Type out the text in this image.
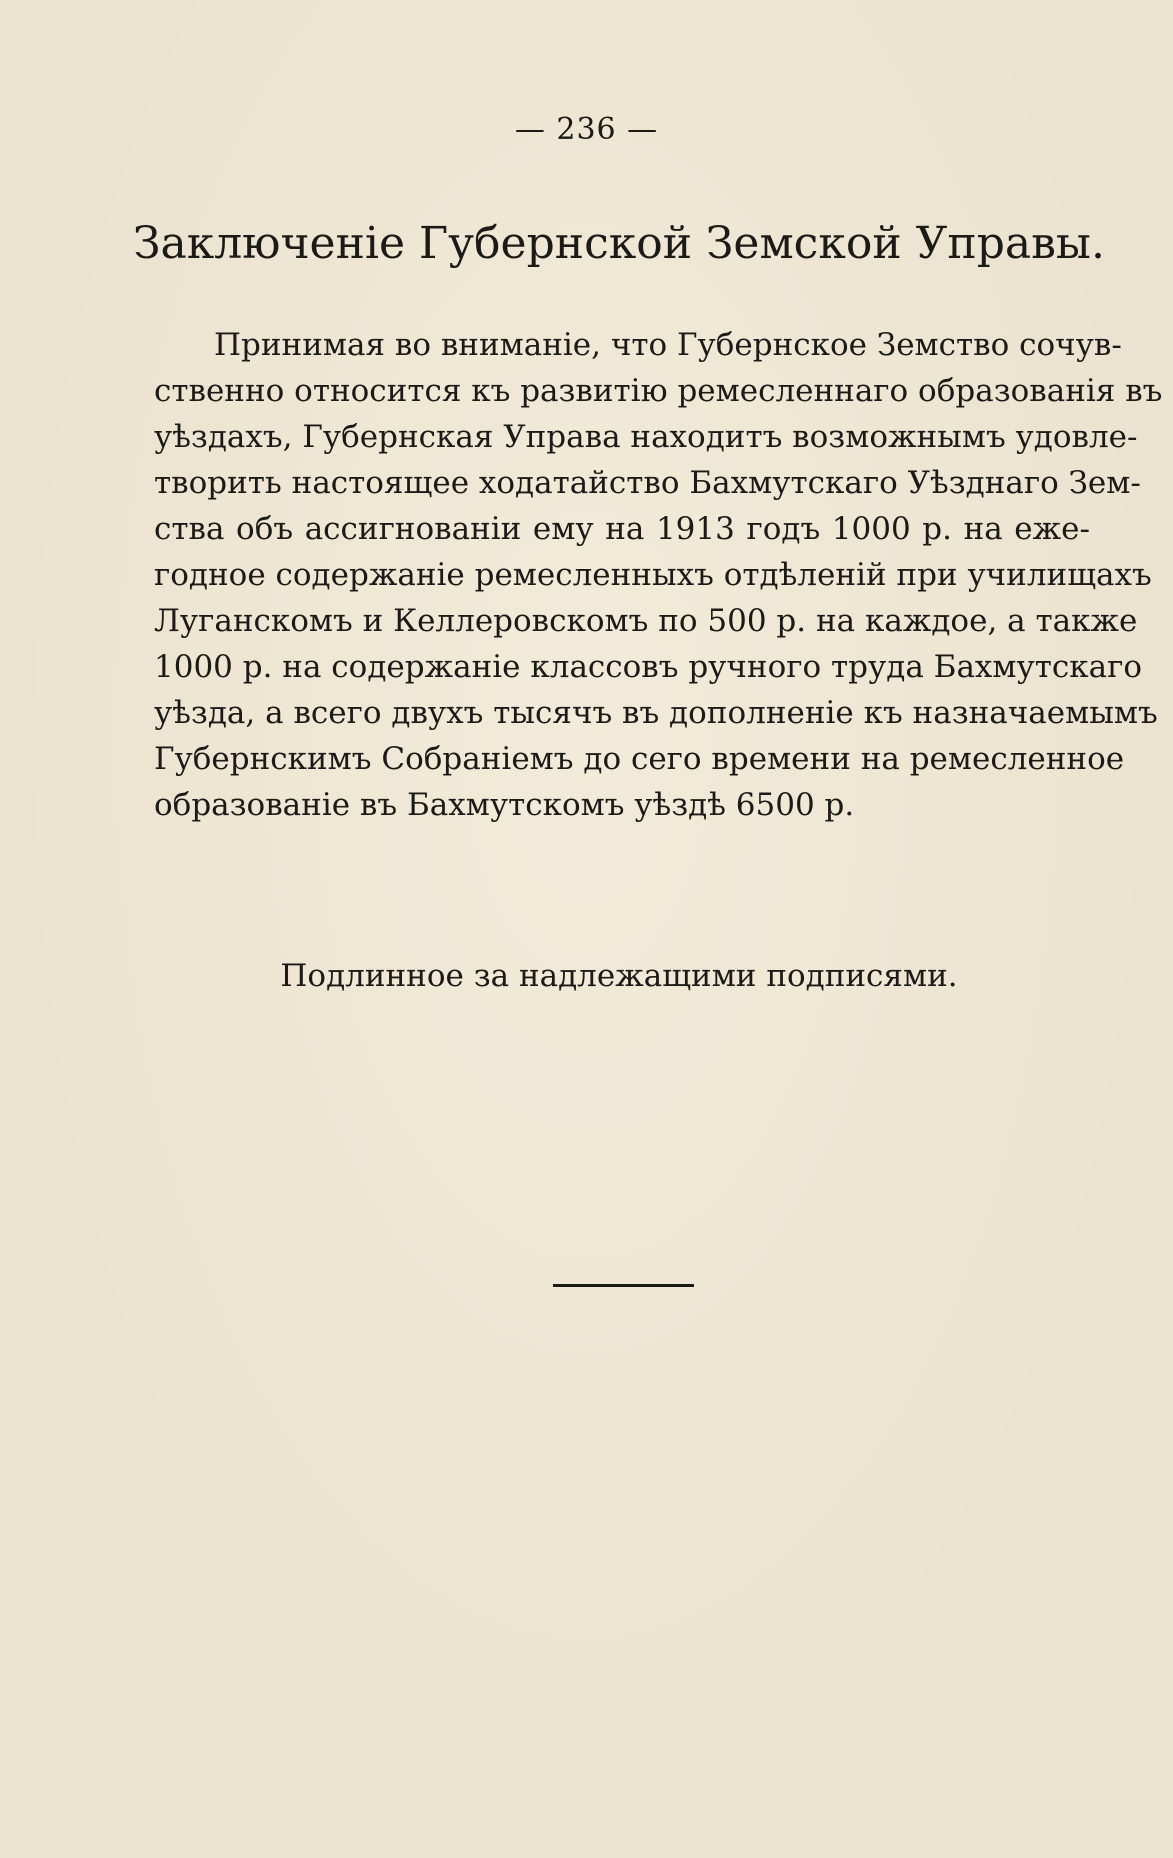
— 236 —
Заключеніе Губернской Земской Управы.
Принимая во вниманіе, что Губернское Земство сочув-
ственно относится къ развитію ремесленнаго образованія въ
уѣздахъ, Губернская Управа находитъ возможнымъ удовле-
творить настоящее ходатайство Бахмутскаго Уѣзднаго Зем-
ства объ ассигнованіи ему на 1913 годъ 1000 р. на еже-
годное содержаніе ремесленныхъ отдѣленій при училищахъ
Луганскомъ и Келлеровскомъ по 500 р. на каждое, а также
1000 р. на содержаніе классовъ ручного труда Бахмутскаго
уѣзда, а всего двухъ тысячъ въ дополненіе къ назначаемымъ
Губернскимъ Собраніемъ до сего времени на ремесленное
образованіе въ Бахмутскомъ уѣздѣ 6500 р.
Подлинное за надлежащими подписями.
